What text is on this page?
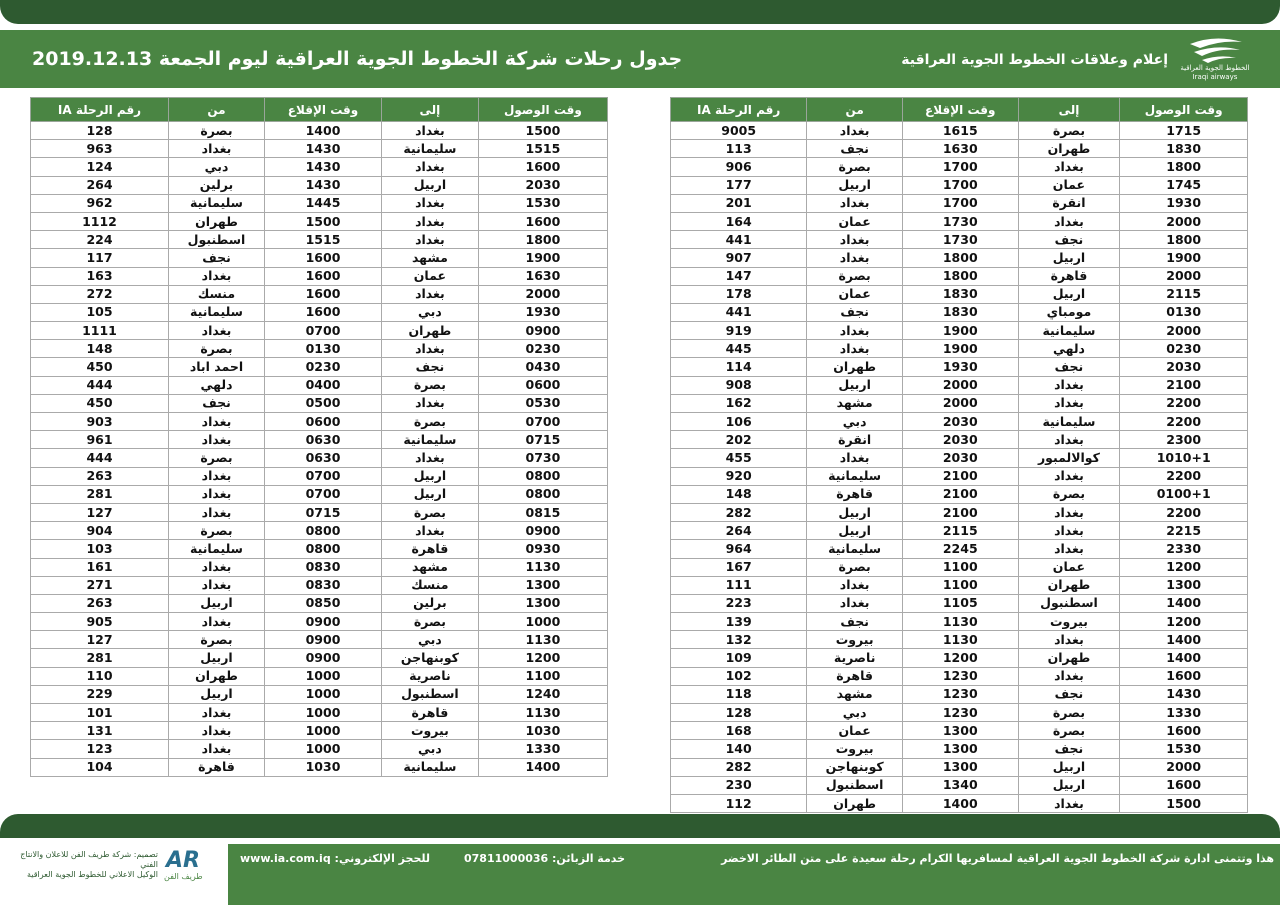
جدول رحلات شركة الخطوط الجوية العراقية ليوم الجمعة 2019.12.13	إعلام وعلاقات الخطوط الجوية العراقية الخطوط الجوية العراقية
Iraqi airways
وقت الوصول	إلى	وقت الإقلاع	من	رقم الرحلة IA
1715	بصرة	1615	بغداد	9005
1830	طهران	1630	نجف	113
1800	بغداد	1700	بصرة	906
1745	عمان	1700	اربيل	177
1930	انقرة	1700	بغداد	201
2000	بغداد	1730	عمان	164
1800	نجف	1730	بغداد	441
1900	اربيل	1800	بغداد	907
2000	قاهرة	1800	بصرة	147
2115	اربيل	1830	عمان	178
0130	مومباي	1830	نجف	441
2000	سليمانية	1900	بغداد	919
0230	دلهي	1900	بغداد	445
2030	نجف	1930	طهران	114
2100	بغداد	2000	اربيل	908
2200	بغداد	2000	مشهد	162
2200	سليمانية	2030	دبي	106
2300	بغداد	2030	انقرة	202
1010+1	كوالالمبور	2030	بغداد	455
2200	بغداد	2100	سليمانية	920
0100+1	بصرة	2100	قاهرة	148
2200	بغداد	2100	اربيل	282
2215	بغداد	2115	اربيل	264
2330	بغداد	2245	سليمانية	964
1200	عمان	1100	بصرة	167
1300	طهران	1100	بغداد	111
1400	اسطنبول	1105	بغداد	223
1200	بيروت	1130	نجف	139
1400	بغداد	1130	بيروت	132
1400	طهران	1200	ناصرية	109
1600	بغداد	1230	قاهرة	102
1430	نجف	1230	مشهد	118
1330	بصرة	1230	دبي	128
1600	بصرة	1300	عمان	168
1530	نجف	1300	بيروت	140
2000	اربيل	1300	كوبنهاجن	282
1600	اربيل	1340	اسطنبول	230
1500	بغداد	1400	طهران	112
وقت الوصول	إلى	وقت الإقلاع	من	رقم الرحلة IA
1500	بغداد	1400	بصرة	128
1515	سليمانية	1430	بغداد	963
1600	بغداد	1430	دبي	124
2030	اربيل	1430	برلين	264
1530	بغداد	1445	سليمانية	962
1600	بغداد	1500	طهران	1112
1800	بغداد	1515	اسطنبول	224
1900	مشهد	1600	نجف	117
1630	عمان	1600	بغداد	163
2000	بغداد	1600	منسك	272
1930	دبي	1600	سليمانية	105
0900	طهران	0700	بغداد	1111
0230	بغداد	0130	بصرة	148
0430	نجف	0230	احمد اباد	450
0600	بصرة	0400	دلهي	444
0530	بغداد	0500	نجف	450
0700	بصرة	0600	بغداد	903
0715	سليمانية	0630	بغداد	961
0730	بغداد	0630	بصرة	444
0800	اربيل	0700	بغداد	263
0800	اربيل	0700	بغداد	281
0815	بصرة	0715	بغداد	127
0900	بغداد	0800	بصرة	904
0930	قاهرة	0800	سليمانية	103
1130	مشهد	0830	بغداد	161
1300	منسك	0830	بغداد	271
1300	برلين	0850	اربيل	263
1000	بصرة	0900	بغداد	905
1130	دبي	0900	بصرة	127
1200	كوبنهاجن	0900	اربيل	281
1100	ناصرية	1000	طهران	110
1240	اسطنبول	1000	اربيل	229
1130	قاهرة	1000	بغداد	101
1030	بيروت	1000	بغداد	131
1330	دبي	1000	بغداد	123
1400	سليمانية	1030	قاهرة	104
هذا وتتمنى ادارة شركة الخطوط الجوية العراقية لمسافريها الكرام رحلة سعيدة على متن الطائر الاخضر
خدمة الزبائن: 07811000036
www.ia.com.iq :للحجز الإلكتروني
تصميم: شركة طريف الفن للاعلان والانتاج الفني
الوكيل الاعلاني للخطوط الجوية العراقية
AR
طريف الفن
